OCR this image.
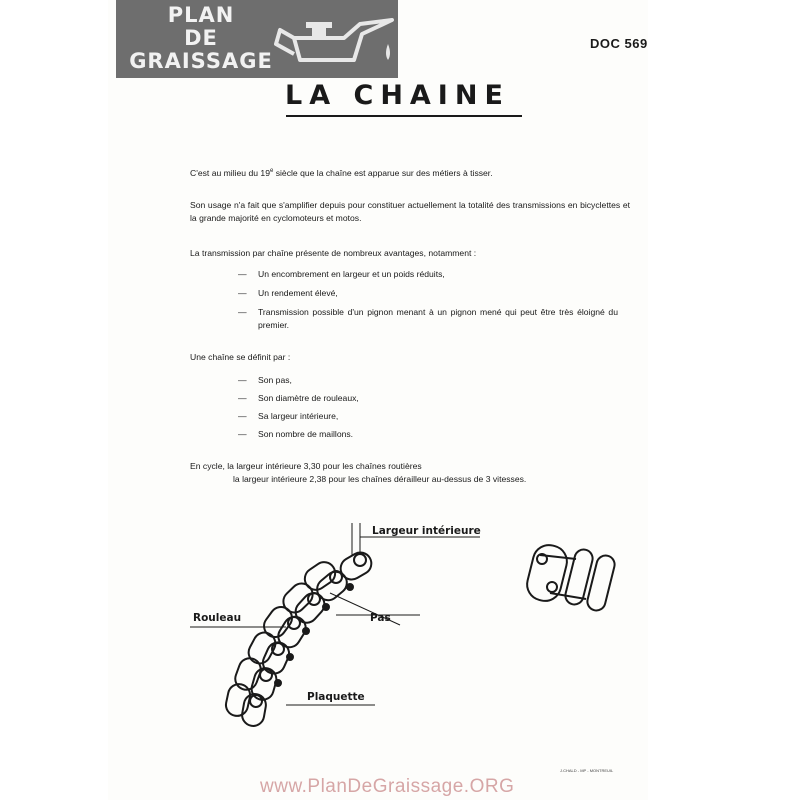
PLAN
DE
GRAISSAGE
DOC 569
LA CHAINE

C'est au milieu du 19e siècle que la chaîne est apparue sur des métiers à tisser.

Son usage n'a fait que s'amplifier depuis pour constituer actuellement la totalité des transmissions en bicyclettes et la grande majorité en cyclomoteurs et motos.

La transmission par chaîne présente de nombreux avantages, notamment :

— Un encombrement en largeur et un poids réduits,
— Un rendement élevé,
— Transmission possible d'un pignon menant à un pignon mené qui peut être très éloigné du premier.

Une chaîne se définit par :

— Son pas,
— Son diamètre de rouleaux,
— Sa largeur intérieure,
— Son nombre de maillons.
En cycle, la largeur intérieure 3,30 pour les chaînes routières
la largeur intérieure 2,38 pour les chaînes dérailleur au-dessus de 3 vitesses.
Largeur intérieure
Pas
Rouleau
Plaquette
J.CHALD - MP - MONTREUIL
www.PlanDeGraissage.ORG
